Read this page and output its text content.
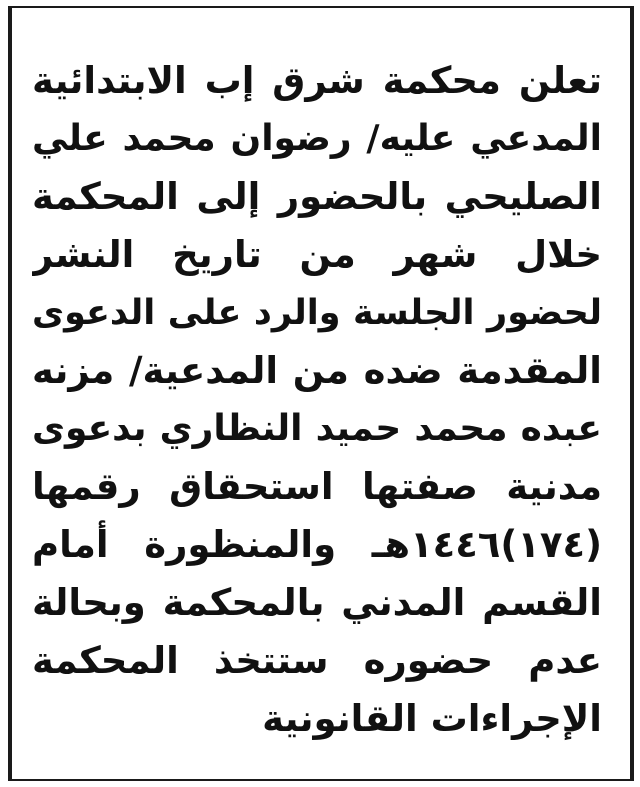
تعلن محكمة شرق إب الابتدائية
المدعي عليه/ رضوان محمد علي
الصليحي بالحضور إلى المحكمة
خلال شهر من تاريخ النشر
لحضور الجلسة والرد على الدعوى
المقدمة ضده من المدعية/ مزنه
عبده محمد حميد النظاري بدعوى
مدنية صفتها استحقاق رقمها
(١٧٤)١٤٤٦هـ والمنظورة أمام
القسم المدني بالمحكمة وبحالة
عدم حضوره ستتخذ المحكمة
الإجراءات القانونية
